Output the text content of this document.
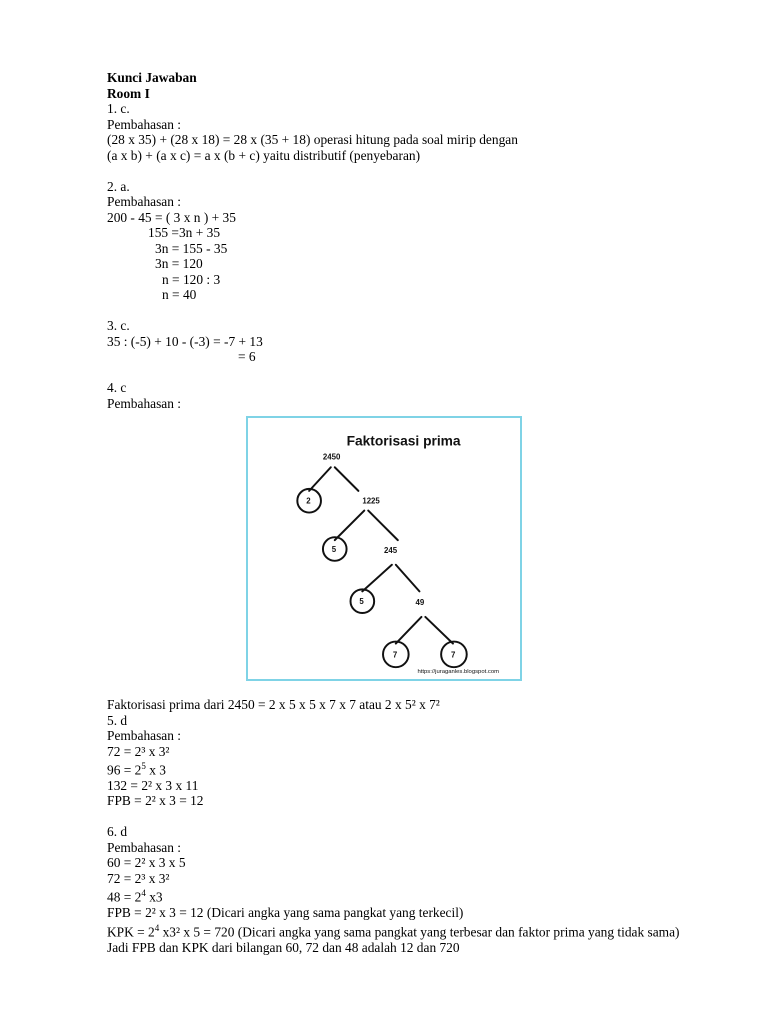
Kunci Jawaban
Room I
1. c.
Pembahasan :
(28 x 35) + (28 x 18) = 28 x (35 + 18) operasi hitung pada soal mirip dengan
(a x b) + (a x c) = a x (b + c) yaitu distributif (penyebaran)
2. a.
Pembahasan :
200 - 45 = ( 3 x n ) + 35
155 =3n + 35
3n = 155 - 35
3n = 120
n = 120 : 3
n = 40
3. c.
35 : (-5) + 10 - (-3) = -7 + 13
= 6
4. c
Pembahasan :
Faktorisasi prima
2450
2	1225
5	245
5	49
7	7
https://juraganles.blogspot.com
Faktorisasi prima dari 2450 = 2 x 5 x 5 x 7 x 7 atau 2 x 5² x 7²
5. d
Pembahasan :
72 = 2³ x 3²
$96 = 2^5$ x 3
132 = 2² x 3 x 11
FPB = 2² x 3 = 12
6. d
Pembahasan :
60 = 2² x 3 x 5
72 = 2³ x 3²
$48 = 2^4$ x3
FPB = 2² x 3 = 12 (Dicari angka yang sama pangkat yang terkecil)
KPK = $2^4$ x3² x 5 = 720 (Dicari angka yang sama pangkat yang terbesar dan faktor prima yang tidak sama)
Jadi FPB dan KPK dari bilangan 60, 72 dan 48 adalah 12 dan 720
